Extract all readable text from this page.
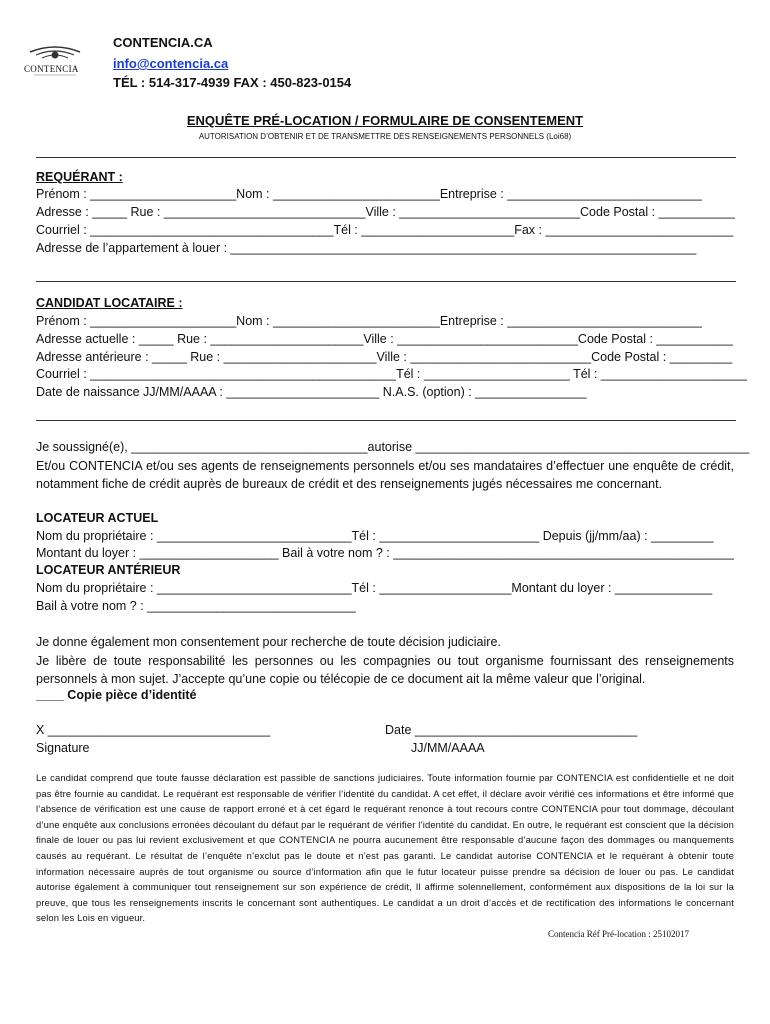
CONTENCIA
CONTENCIA.CA
info@contencia.ca
TÉL : 514-317-4939 FAX : 450-823-0154
ENQUÊTE PRÉ-LOCATION / FORMULAIRE DE CONSENTEMENT
AUTORISATION D’OBTENIR ET DE TRANSMETTRE DES RENSEIGNEMENTS PERSONNELS (Loi68)
REQUÉRANT :
Prénom : _____________________Nom : ________________________Entreprise : ____________________________
Adresse : _____ Rue : _____________________________Ville : __________________________Code Postal : ___________
Courriel : ___________________________________Tél : ______________________Fax : ___________________________
Adresse de l’appartement à louer : ___________________________________________________________________
CANDIDAT LOCATAIRE :
Prénom : _____________________Nom : ________________________Entreprise : ____________________________
Adresse actuelle : _____ Rue : ______________________Ville : __________________________Code Postal : ___________
Adresse antérieure : _____ Rue : ______________________Ville : __________________________Code Postal : _________
Courriel : ____________________________________________Tél : _____________________ Tél : _____________________
Date de naissance JJ/MM/AAAA : ______________________ N.A.S. (option) : ________________
Je soussigné(e), __________________________________autorise ________________________________________________
Et/ou CONTENCIA et/ou ses agents de renseignements personnels et/ou ses mandataires d’effectuer une enquête de crédit, notamment fiche de crédit auprès de bureaux de crédit et des renseignements jugés nécessaires me concernant.
LOCATEUR ACTUEL
Nom du propriétaire : ____________________________Tél : _______________________ Depuis (jj/mm/aa) : _________
Montant du loyer : ____________________ Bail à votre nom ? : _________________________________________________
LOCATEUR ANTÉRIEUR
Nom du propriétaire : ____________________________Tél : ___________________Montant du loyer : ______________
Bail à votre nom ? : ______________________________
Je donne également mon consentement pour recherche de toute décision judiciaire.
Je libère de toute responsabilité les personnes ou les compagnies ou tout organisme fournissant des renseignements personnels à mon sujet. J’accepte qu’une copie ou télécopie de ce document ait la même valeur que l’original.
____ Copie pièce d’identité
X ________________________________
Signature
Date ________________________________
JJ/MM/AAAA
Le candidat comprend que toute fausse déclaration est passible de sanctions judiciaires. Toute information fournie par CONTENCIA est confidentielle et ne doit pas être fournie au candidat. Le requérant est responsable de vérifier l’identité du candidat. A cet effet, il déclare avoir vérifié ces informations et être informé que l’absence de vérification est une cause de rapport erroné et à cet égard le requérant renonce à tout recours contre CONTENCIA pour tout dommage, découlant d’une enquête aux conclusions erronées découlant du défaut par le requérant de vérifier l’identité du candidat. En outre, le requérant est conscient que la décision finale de louer ou pas lui revient exclusivement et que CONTENCIA ne pourra aucunement être responsable d’aucune façon des dommages ou manquements causés au requérant. Le résultat de l’enquête n’exclut pas le doute et n’est pas garanti. Le candidat autorise CONTENCIA et le requérant à obtenir toute information nécessaire auprès de tout organisme ou source d’information afin que le futur locateur puisse prendre sa décision de louer ou pas. Le candidat autorise également à communiquer tout renseignement sur son expérience de crédit, Il affirme solennellement, conformément aux dispositions de la loi sur la preuve, que tous les renseignements inscrits le concernant sont authentiques. Le candidat a un droit d’accès et de rectification des informations le concernant selon les Lois en vigueur.
Contencia Réf Pré-location : 25102017
